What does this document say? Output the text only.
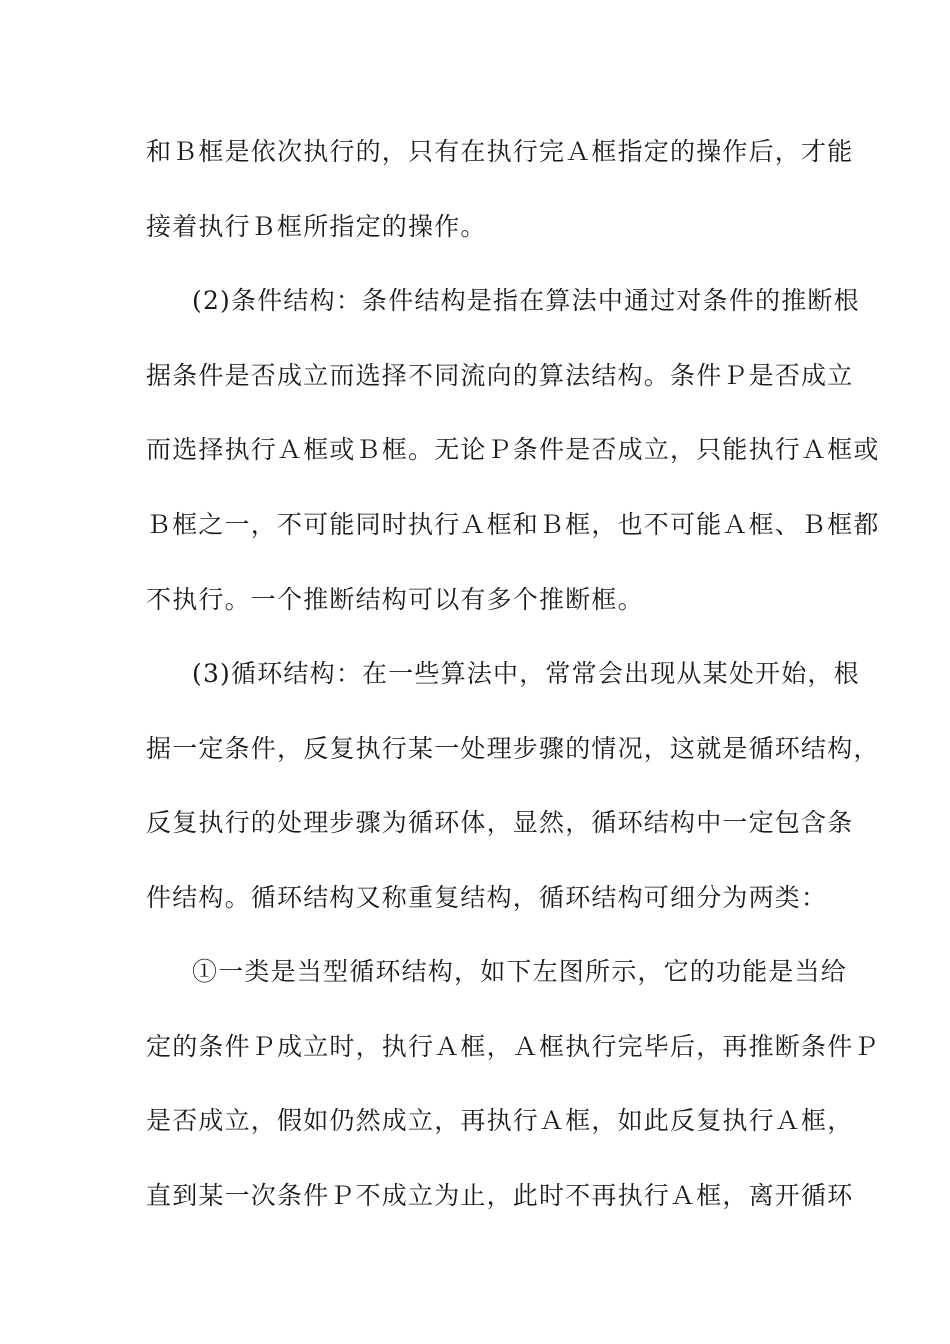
和Ｂ框是依次执行的，只有在执行完Ａ框指定的操作后，才能
接着执行Ｂ框所指定的操作。
(2)条件结构：条件结构是指在算法中通过对条件的推断根
据条件是否成立而选择不同流向的算法结构。条件Ｐ是否成立
而选择执行Ａ框或Ｂ框。无论Ｐ条件是否成立，只能执行Ａ框或
Ｂ框之一，不可能同时执行Ａ框和Ｂ框，也不可能Ａ框、Ｂ框都
不执行。一个推断结构可以有多个推断框。
(3)循环结构：在一些算法中，常常会出现从某处开始，根
据一定条件，反复执行某一处理步骤的情况，这就是循环结构，
反复执行的处理步骤为循环体，显然，循环结构中一定包含条
件结构。循环结构又称重复结构，循环结构可细分为两类：
①一类是当型循环结构，如下左图所示，它的功能是当给
定的条件Ｐ成立时，执行Ａ框，Ａ框执行完毕后，再推断条件Ｐ
是否成立，假如仍然成立，再执行Ａ框，如此反复执行Ａ框，
直到某一次条件Ｐ不成立为止，此时不再执行Ａ框，离开循环
